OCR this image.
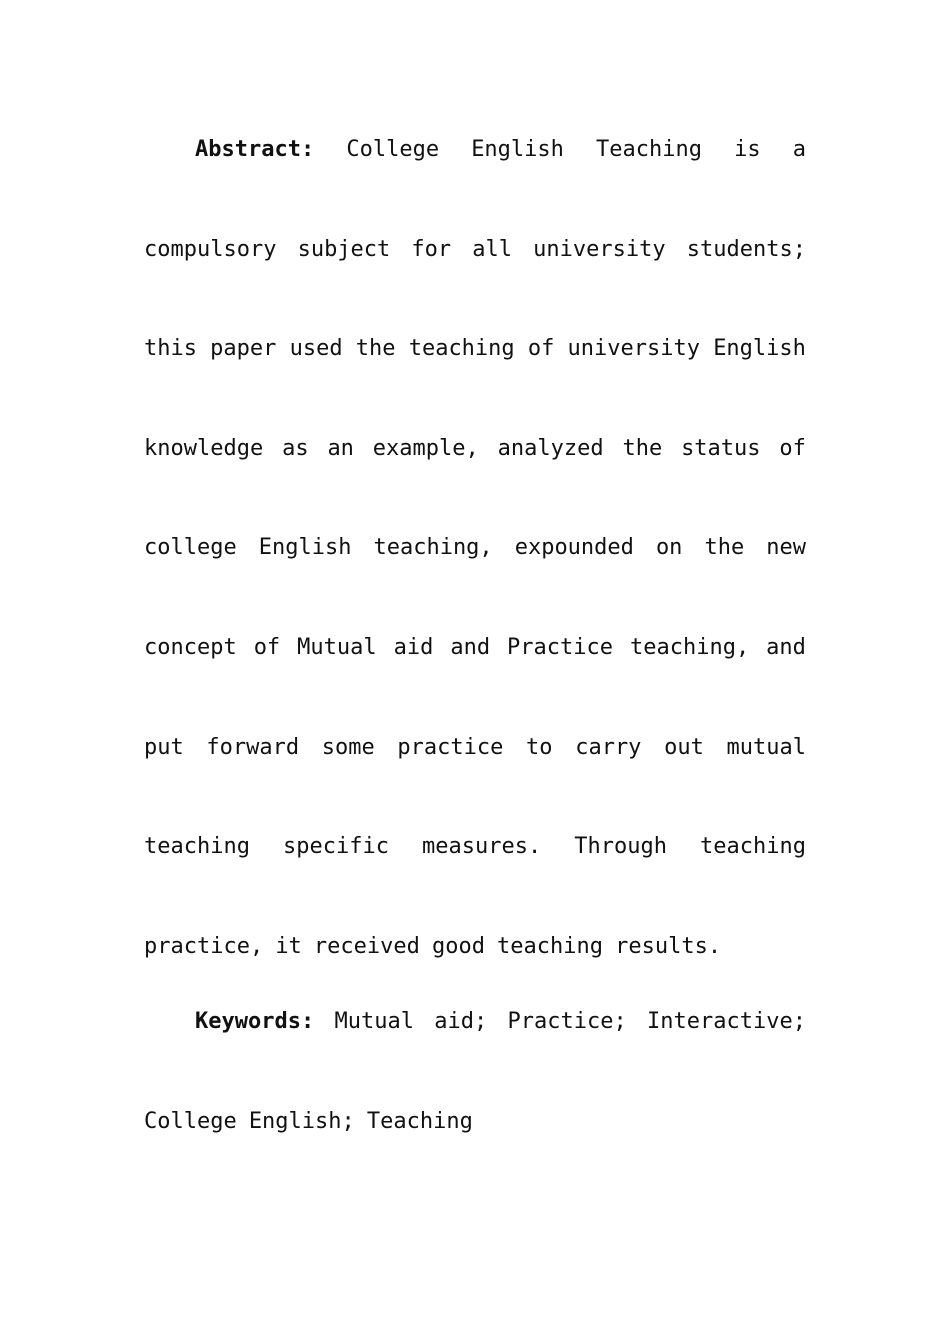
Abstract: College English Teaching is a
compulsory subject for all university students;
this paper used the teaching of university English
knowledge as an example, analyzed the status of
college English teaching, expounded on the new
concept of Mutual aid and Practice teaching, and
put forward some practice to carry out mutual
teaching specific measures. Through teaching
practice, it received good teaching results.
Keywords: Mutual aid; Practice; Interactive;
College English; Teaching
